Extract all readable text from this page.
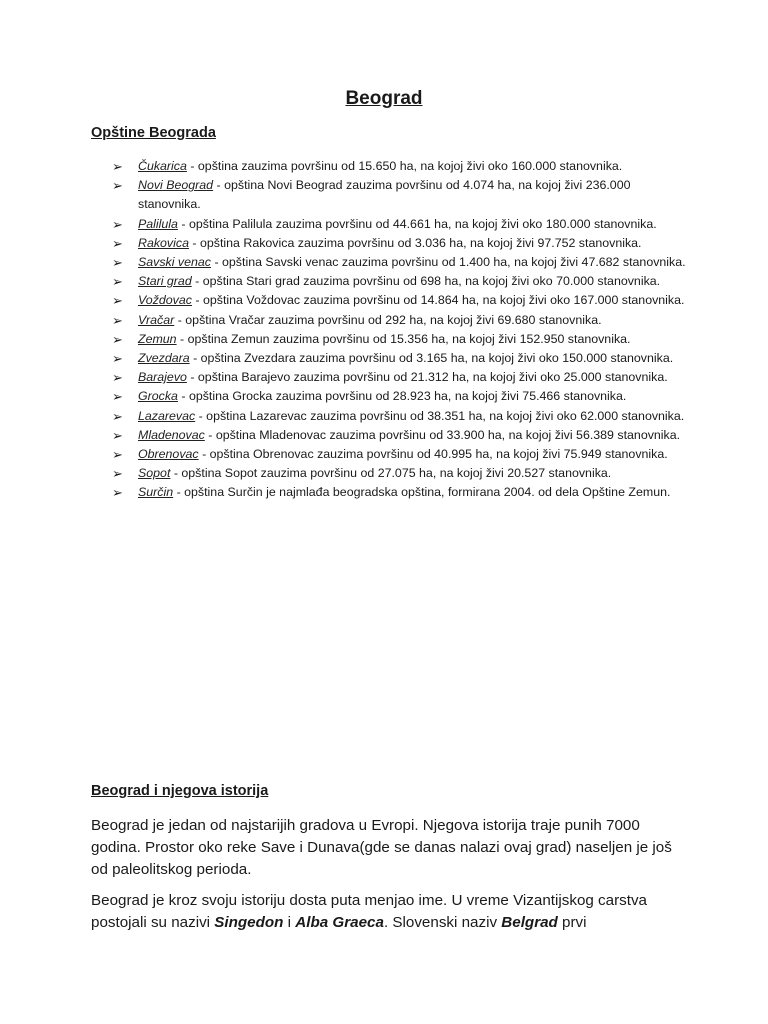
Beograd
Opštine Beograda
➢ Čukarica - opština zauzima površinu od 15.650 ha, na kojoj živi oko 160.000 stanovnika.
➢ Novi Beograd - opština Novi Beograd zauzima površinu od 4.074 ha, na kojoj živi 236.000 stanovnika.
➢ Palilula - opština Palilula zauzima površinu od 44.661 ha, na kojoj živi oko 180.000 stanovnika.
➢ Rakovica - opština Rakovica zauzima površinu od 3.036 ha, na kojoj živi 97.752 stanovnika.
➢ Savski venac - opština Savski venac zauzima površinu od 1.400 ha, na kojoj živi 47.682 stanovnika.
➢ Stari grad - opština Stari grad zauzima površinu od 698 ha, na kojoj živi oko 70.000 stanovnika.
➢ Voždovac - opština Voždovac zauzima površinu od 14.864 ha, na kojoj živi oko 167.000 stanovnika.
➢ Vračar - opština Vračar zauzima površinu od 292 ha, na kojoj živi 69.680 stanovnika.
➢ Zemun - opština Zemun zauzima površinu od 15.356 ha, na kojoj živi 152.950 stanovnika.
➢ Zvezdara - opština Zvezdara zauzima površinu od 3.165 ha, na kojoj živi oko 150.000 stanovnika.
➢ Barajevo - opština Barajevo zauzima površinu od 21.312 ha, na kojoj živi oko 25.000 stanovnika.
➢ Grocka - opština Grocka zauzima površinu od 28.923 ha, na kojoj živi 75.466 stanovnika.
➢ Lazarevac - opština Lazarevac zauzima površinu od 38.351 ha, na kojoj živi oko 62.000 stanovnika.
➢ Mladenovac - opština Mladenovac zauzima površinu od 33.900 ha, na kojoj živi 56.389 stanovnika.
➢ Obrenovac - opština Obrenovac zauzima površinu od 40.995 ha, na kojoj živi 75.949 stanovnika.
➢ Sopot - opština Sopot zauzima površinu od 27.075 ha, na kojoj živi 20.527 stanovnika.
➢ Surčin - opština Surčin je najmlađa beogradska opština, formirana 2004. od dela Opštine Zemun.
Beograd i njegova istorija

Beograd je jedan od najstarijih gradova u Evropi. Njegova istorija traje punih 7000 godina. Prostor oko reke Save i Dunava(gde se danas nalazi ovaj grad) naseljen je još od paleolitskog perioda.

Beograd je kroz svoju istoriju dosta puta menjao ime. U vreme Vizantijskog carstva postojali su nazivi Singedon i Alba Graeca. Slovenski naziv Belgrad prvi
